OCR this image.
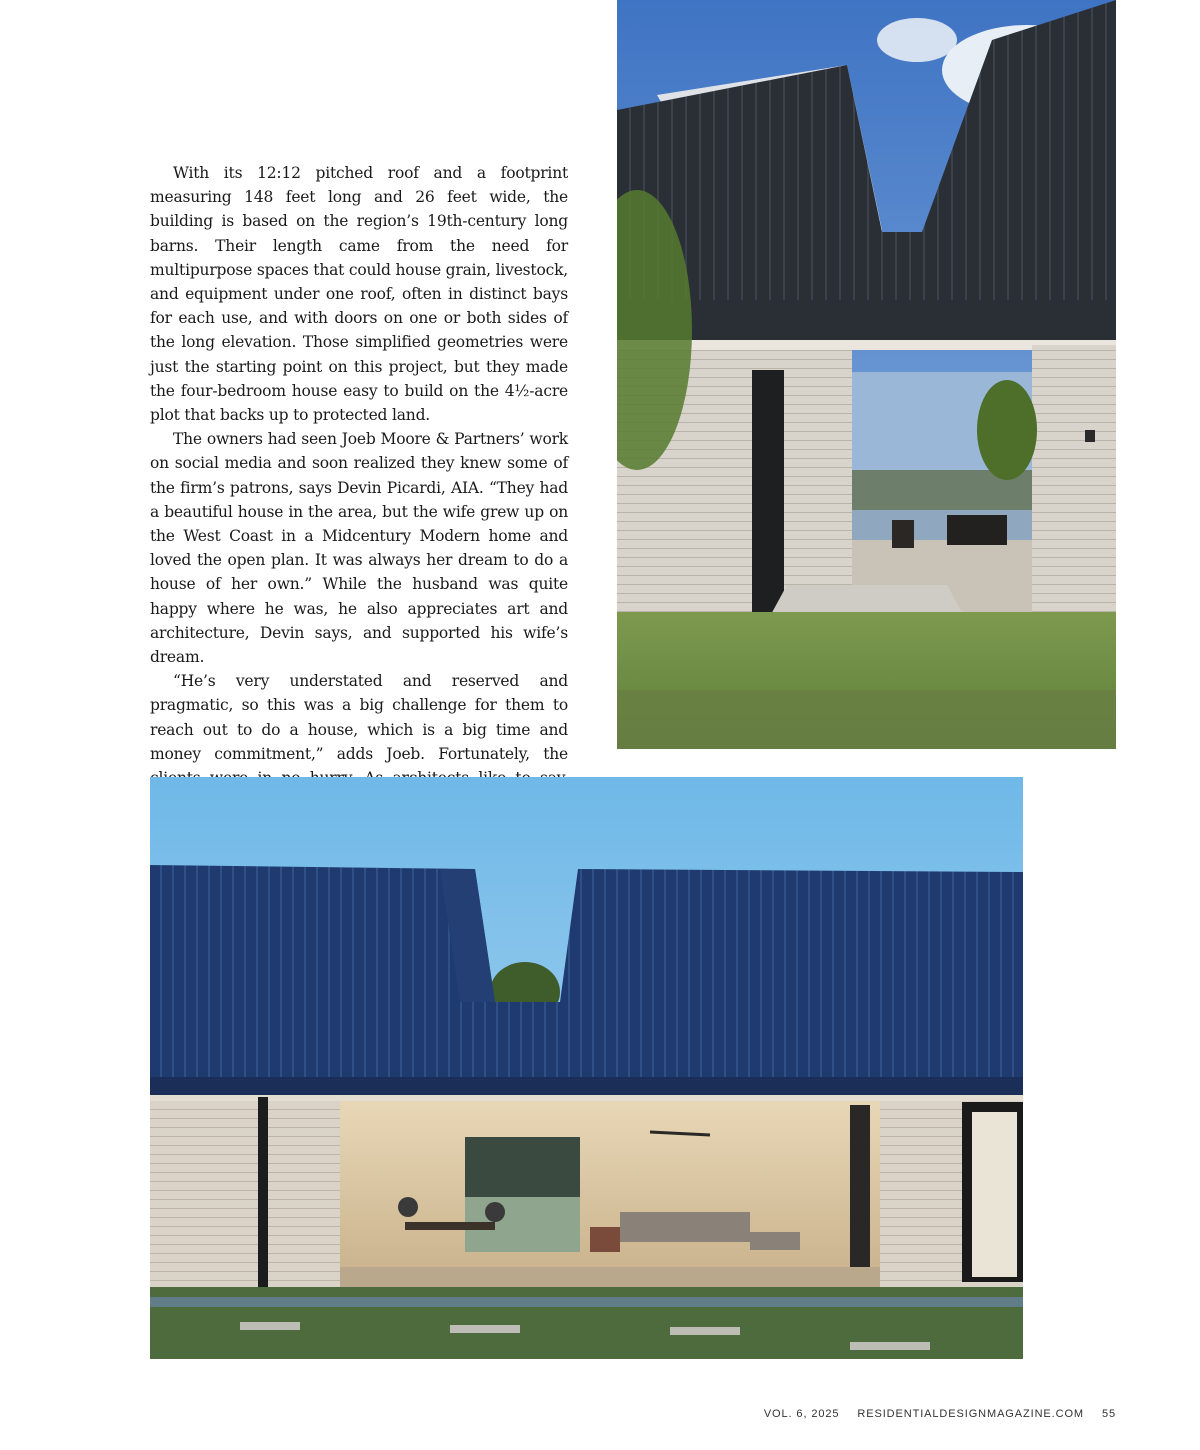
With its 12:12 pitched roof and a footprint measuring 148 feet long and 26 feet wide, the building is based on the region’s 19th-century long barns. Their length came from the need for multipurpose spaces that could house grain, livestock, and equipment under one roof, often in distinct bays for each use, and with doors on one or both sides of the long elevation. Those simplified geometries were just the starting point on this project, but they made the four-bedroom house easy to build on the 4½-acre plot that backs up to protected land.

The owners had seen Joeb Moore & Partners’ work on social media and soon realized they knew some of the firm’s patrons, says Devin Picardi, AIA. “They had a beautiful house in the area, but the wife grew up on the West Coast in a Midcentury Modern home and loved the open plan. It was always her dream to do a house of her own.” While the husband was quite happy where he was, he also appreciates art and architecture, Devin says, and supported his wife’s dream.

“He’s very understated and reserved and pragmatic, so this was a big challenge for them to reach out to do a house, which is a big time and money commitment,” adds Joeb. Fortunately, the

VOL. 6, 2025 RESIDENTIALDESIGNMAGAZINE.COM 55
